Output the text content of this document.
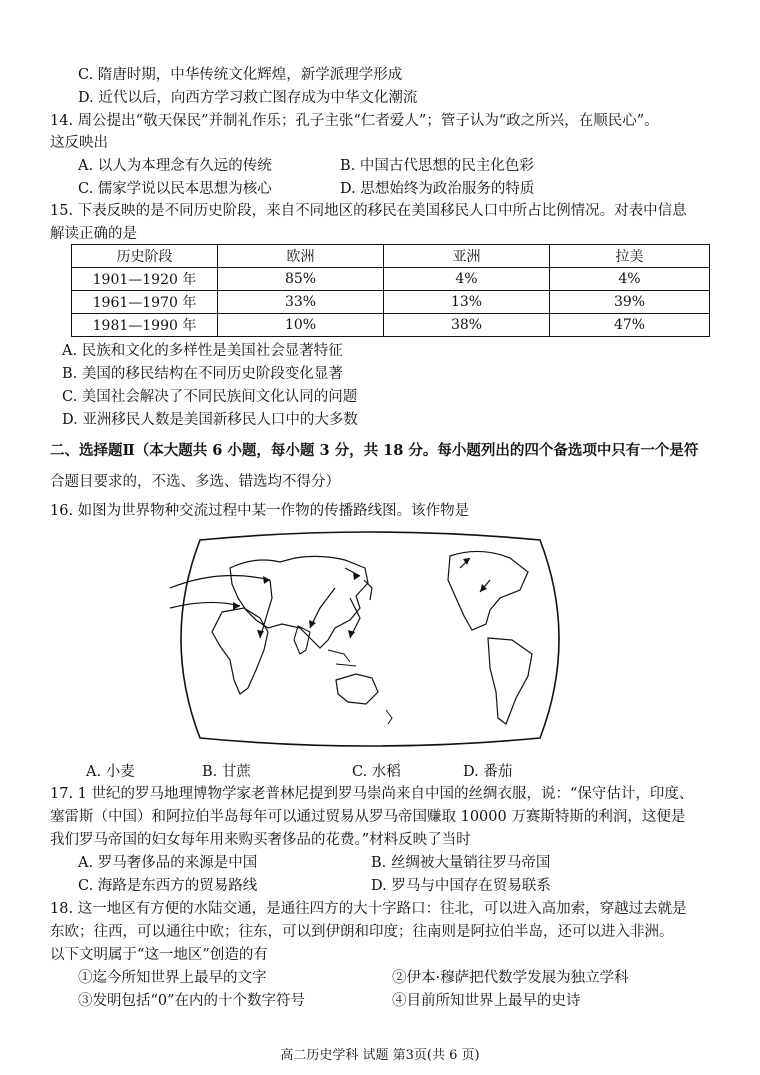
C. 隋唐时期，中华传统文化辉煌，新学派理学形成
D. 近代以后，向西方学习救亡图存成为中华文化潮流
14. 周公提出“敬天保民”并制礼作乐；孔子主张“仁者爱人”；管子认为“政之所兴，在顺民心”。
这反映出
A. 以人为本理念有久远的传统	B. 中国古代思想的民主化色彩
C. 儒家学说以民本思想为核心	D. 思想始终为政治服务的特质
15. 下表反映的是不同历史阶段，来自不同地区的移民在美国移民人口中所占比例情况。对表中信息
解读正确的是
历史阶段	欧洲	亚洲	拉美
1901—1920 年	85%	4%	4%
1961—1970 年	33%	13%	39%
1981—1990 年	10%	38%	47%
A. 民族和文化的多样性是美国社会显著特征
B. 美国的移民结构在不同历史阶段变化显著
C. 美国社会解决了不同民族间文化认同的问题
D. 亚洲移民人数是美国新移民人口中的大多数
二、选择题Ⅱ（本大题共 6 小题，每小题 3 分，共 18 分。每小题列出的四个备选项中只有一个是符
合题目要求的，不选、多选、错选均不得分）
16. 如图为世界物种交流过程中某一作物的传播路线图。该作物是
A. 小麦	B. 甘蔗	C. 水稻	D. 番茄
17. 1 世纪的罗马地理博物学家老普林尼提到罗马崇尚来自中国的丝绸衣服，说：“保守估计，印度、
塞雷斯（中国）和阿拉伯半岛每年可以通过贸易从罗马帝国赚取 10000 万赛斯特斯的利润，这便是
我们罗马帝国的妇女每年用来购买奢侈品的花费。”材料反映了当时
A. 罗马奢侈品的来源是中国	B. 丝绸被大量销往罗马帝国
C. 海路是东西方的贸易路线	D. 罗马与中国存在贸易联系
18. 这一地区有方便的水陆交通，是通往四方的大十字路口：往北，可以进入高加索，穿越过去就是
东欧；往西，可以通往中欧；往东，可以到伊朗和印度；往南则是阿拉伯半岛，还可以进入非洲。
以下文明属于“这一地区”创造的有
①迄今所知世界上最早的文字	②伊本·穆萨把代数学发展为独立学科
③发明包括“0”在内的十个数字符号	④目前所知世界上最早的史诗
高二历史学科 试题 第3页(共 6 页)
